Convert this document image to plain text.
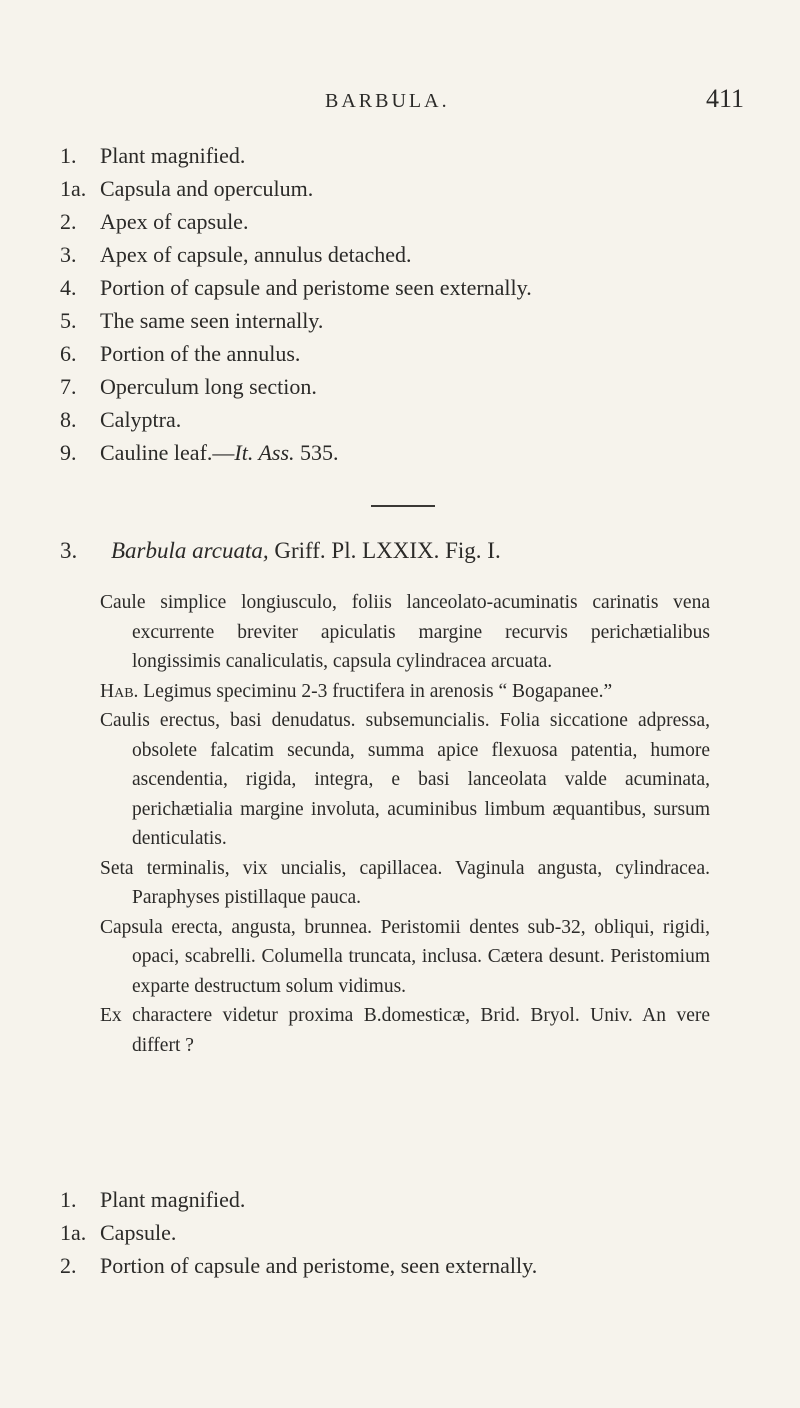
BARBULA.	411
1.	Plant magnified.
1a. Capsula and operculum.
2.	Apex of capsule.
3.	Apex of capsule, annulus detached.
4.	Portion of capsule and peristome seen externally.
5.	The same seen internally.
6.	Portion of the annulus.
7.	Operculum long section.
8.	Calyptra.
9.	Cauline leaf.—It. Ass. 535.
3. Barbula arcuata, Griff. Pl. LXXIX. Fig. I.

Caule simplice longiusculo, foliis lanceolato-acuminatis carinatis vena excurrente breviter apiculatis margine recurvis perichætialibus longissimis canaliculatis, capsula cylindracea arcuata.

Hab. Legimus speciminu 2-3 fructifera in arenosis “ Bogapanee.”

Caulis erectus, basi denudatus. subsemuncialis. Folia siccatione adpressa, obsolete falcatim secunda, summa apice flexuosa patentia, humore ascendentia, rigida, integra, e basi lanceolata valde acuminata, perichætialia margine involuta, acuminibus limbum æquantibus, sursum denticulatis.

Seta terminalis, vix uncialis, capillacea. Vaginula angusta, cylindracea. Paraphyses pistillaque pauca.

Capsula erecta, angusta, brunnea. Peristomii dentes sub-32, obliqui, rigidi, opaci, scabrelli. Columella truncata, inclusa. Cætera desunt. Peristomium exparte destructum solum vidimus.

Ex charactere videtur proxima B.domesticæ, Brid. Bryol. Univ. An vere differt ?

1.	Plant magnified.
1a. Capsule.
2.	Portion of capsule and peristome, seen externally.
